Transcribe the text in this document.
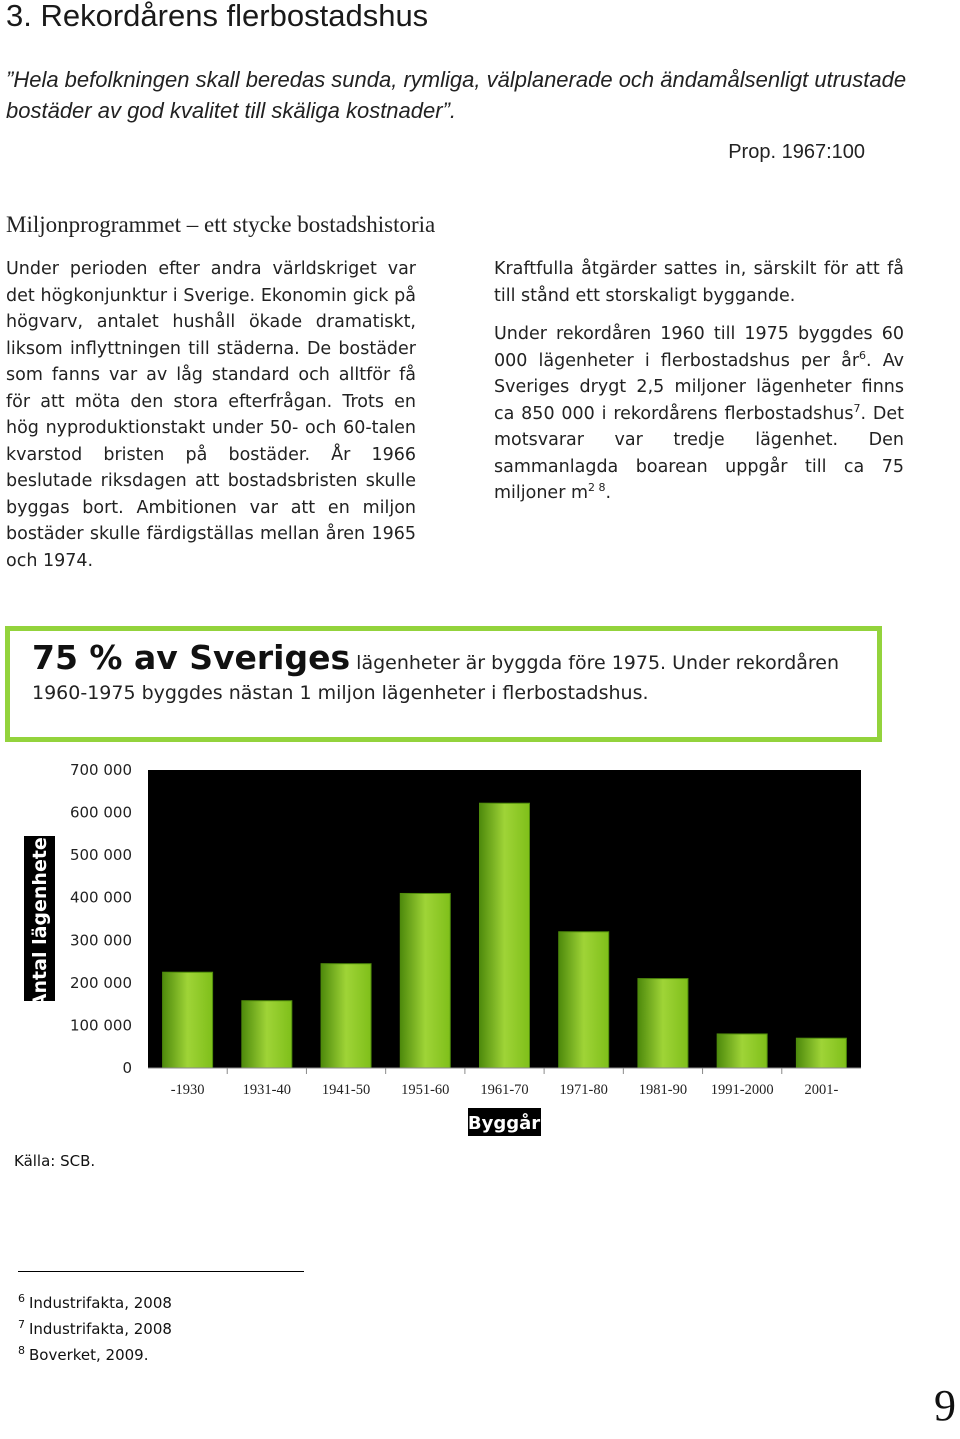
3. Rekordårens flerbostadshus
”Hela befolkningen skall beredas sunda, rymliga, välplanerade och ändamålsenligt utrustade bostäder av god kvalitet till skäliga kostnader”.
Prop. 1967:100
Miljonprogrammet – ett stycke bostadshistoria

Under perioden efter andra världskriget var det högkonjunktur i Sverige. Ekonomin gick på högvarv, antalet hushåll ökade dramatiskt, liksom inflyttningen till städerna. De bostäder som fanns var av låg standard och alltför få för att möta den stora efterfrågan. Trots en hög nyproduktionstakt under 50- och 60-talen kvarstod bristen på bostäder. År 1966 beslutade riksdagen att bostadsbristen skulle byggas bort. Ambitionen var att en miljon bostäder skulle färdigställas mellan åren 1965 och 1974.

Kraftfulla åtgärder sattes in, särskilt för att få till stånd ett storskaligt byggande.

Under rekordåren 1960 till 1975 byggdes 60 000 lägenheter i flerbostadshus per $år^6$. Av Sveriges drygt 2,5 miljoner lägenheter finns ca 850 000 i rekordårens flerbostadshus$^7$. Det motsvarar var tredje lägenhet. Den sammanlagda boarean uppgår till ca 75 miljoner $m^{2 8}$.

75 % av Sveriges lägenheter är byggda före 1975. Under rekordåren 1960-1975 byggdes nästan 1 miljon lägenheter i flerbostadshus.
0
100 000
200 000
300 000
400 000
500 000
600 000
700 000
-1930	1931-40 1941-50 1951-60 1961-70 1971-80 1981-90 1991-2000 2001-
Antal lägenheter
Byggår
Källa: SCB.
$^6$ Industrifakta, 2008
$^7$ Industrifakta, 2008
$^8$ Boverket, 2009.
9
